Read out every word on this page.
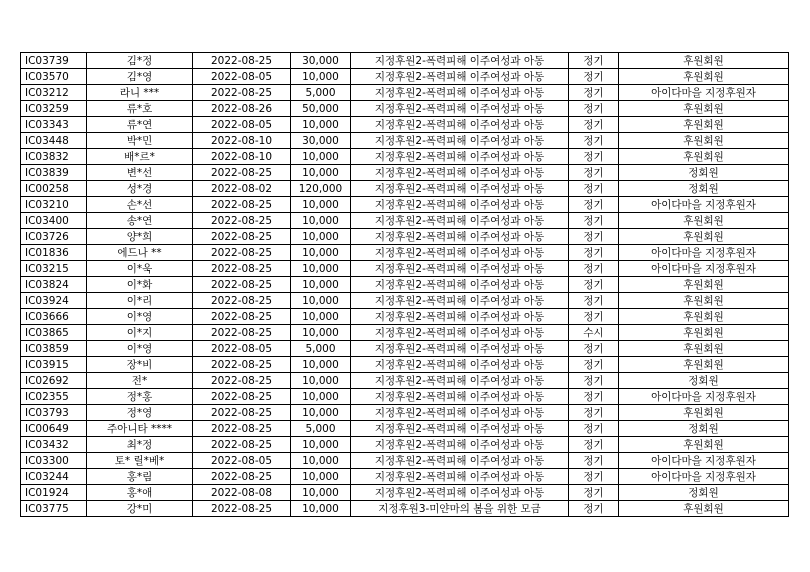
IC03739	김*정	2022-08-25	30,000	지정후원2-폭력피해 이주여성과 아동	정기	후원회원
IC03570	김*영	2022-08-05	10,000	지정후원2-폭력피해 이주여성과 아동	정기	후원회원
IC03212	라니 ***	2022-08-25	5,000	지정후원2-폭력피해 이주여성과 아동	정기	아이다마을 지정후원자
IC03259	류*호	2022-08-26	50,000	지정후원2-폭력피해 이주여성과 아동	정기	후원회원
IC03343	류*연	2022-08-05	10,000	지정후원2-폭력피해 이주여성과 아동	정기	후원회원
IC03448	박*민	2022-08-10	30,000	지정후원2-폭력피해 이주여성과 아동	정기	후원회원
IC03832	배*르*	2022-08-10	10,000	지정후원2-폭력피해 이주여성과 아동	정기	후원회원
IC03839	변*선	2022-08-25	10,000	지정후원2-폭력피해 이주여성과 아동	정기	정회원
IC00258	성*경	2022-08-02	120,000	지정후원2-폭력피해 이주여성과 아동	정기	정회원
IC03210	손*선	2022-08-25	10,000	지정후원2-폭력피해 이주여성과 아동	정기	아이다마을 지정후원자
IC03400	송*연	2022-08-25	10,000	지정후원2-폭력피해 이주여성과 아동	정기	후원회원
IC03726	양*희	2022-08-25	10,000	지정후원2-폭력피해 이주여성과 아동	정기	후원회원
IC01836	에드나 **	2022-08-25	10,000	지정후원2-폭력피해 이주여성과 아동	정기	아이다마을 지정후원자
IC03215	이*욱	2022-08-25	10,000	지정후원2-폭력피해 이주여성과 아동	정기	아이다마을 지정후원자
IC03824	이*화	2022-08-25	10,000	지정후원2-폭력피해 이주여성과 아동	정기	후원회원
IC03924	이*리	2022-08-25	10,000	지정후원2-폭력피해 이주여성과 아동	정기	후원회원
IC03666	이*영	2022-08-25	10,000	지정후원2-폭력피해 이주여성과 아동	정기	후원회원
IC03865	이*지	2022-08-25	10,000	지정후원2-폭력피해 이주여성과 아동	수시	후원회원
IC03859	이*영	2022-08-05	5,000	지정후원2-폭력피해 이주여성과 아동	정기	후원회원
IC03915	장*비	2022-08-25	10,000	지정후원2-폭력피해 이주여성과 아동	정기	후원회원
IC02692	전*	2022-08-25	10,000	지정후원2-폭력피해 이주여성과 아동	정기	정회원
IC02355	정*홍	2022-08-25	10,000	지정후원2-폭력피해 이주여성과 아동	정기	아이다마을 지정후원자
IC03793	정*영	2022-08-25	10,000	지정후원2-폭력피해 이주여성과 아동	정기	후원회원
IC00649	주아니타 ****	2022-08-25	5,000	지정후원2-폭력피해 이주여성과 아동	정기	정회원
IC03432	최*정	2022-08-25	10,000	지정후원2-폭력피해 이주여성과 아동	정기	후원회원
IC03300	토* 릴*베*	2022-08-05	10,000	지정후원2-폭력피해 이주여성과 아동	정기	아이다마을 지정후원자
IC03244	홍*림	2022-08-25	10,000	지정후원2-폭력피해 이주여성과 아동	정기	아이다마을 지정후원자
IC01924	홍*애	2022-08-08	10,000	지정후원2-폭력피해 이주여성과 아동	정기	정회원
IC03775	강*미	2022-08-25	10,000	지정후원3-미얀마의 봄을 위한 모금	정기	후원회원
